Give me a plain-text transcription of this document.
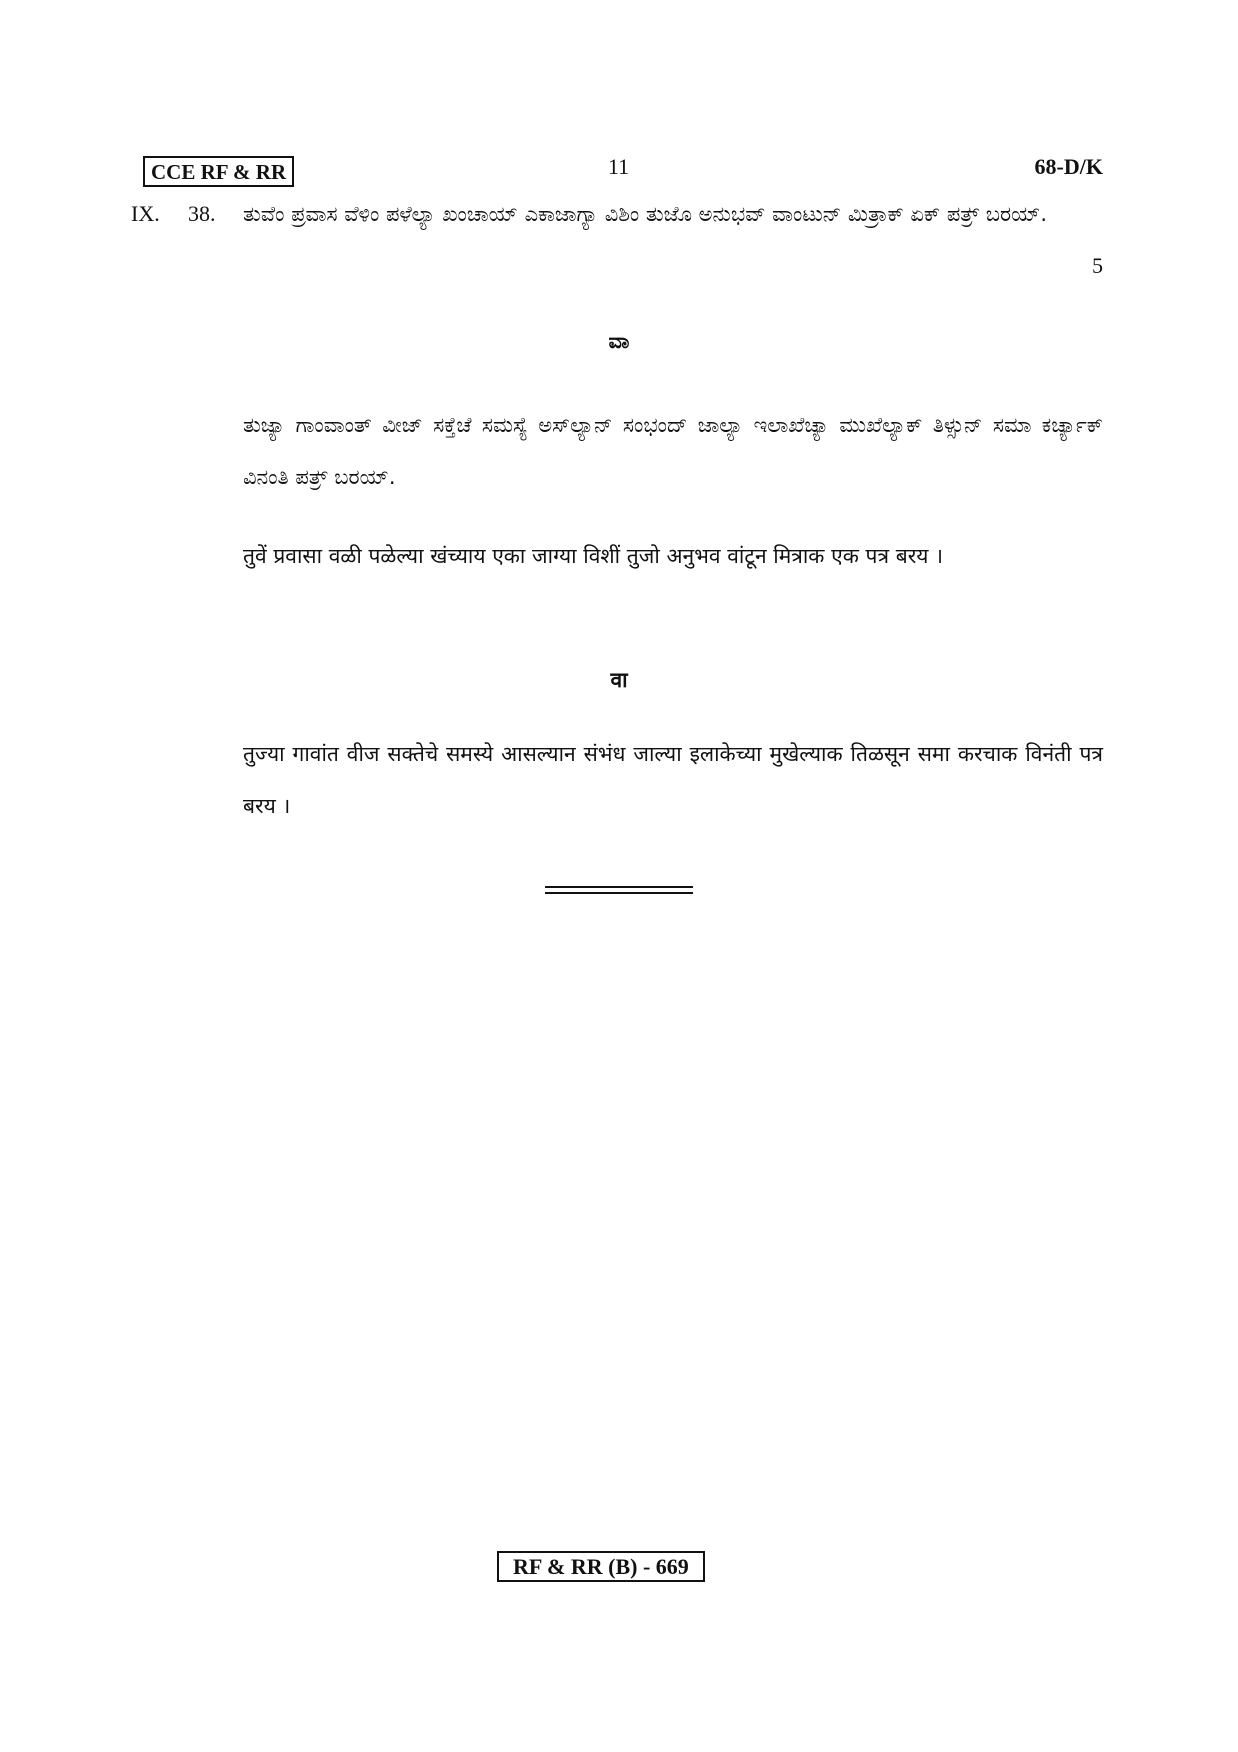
CCE RF & RR	11	68-D/K
IX. 38. ತುವೆಂ ಪ್ರವಾಸ ವೆಳಿಂ ಪಳೆಲ್ಯಾ ಖಂಚಾಯ್ ಎಕಾಜಾಗ್ಯಾ ವಿಶಿಂ ತುಜೊ ಅನುಭವ್ ವಾಂಟುನ್ ಮಿತ್ರಾಕ್ ಏಕ್ ಪತ್ರ್ ಬರಯ್.
5
ವಾ
ತುಜ್ಯಾ ಗಾಂವಾಂತ್ ವೀಜ್ ಸಕ್ತೆಚೆ ಸಮಸ್ಯೆ ಅಸ್‌ಲ್ಯಾನ್ ಸಂಭಂದ್ ಜಾಲ್ಯಾ ಇಲಾಖೆಚ್ಯಾ ಮುಖೆಲ್ಯಾಕ್ ತಿಳ್ಸುನ್ ಸಮಾ ಕರ್ಚ್ಯಾಕ್ ವಿನಂತಿ ಪತ್ರ್ ಬರಯ್.
तुवें प्रवासा वळी पळेल्या खंच्याय एका जाग्या विशीं तुजो अनुभव वांटून मित्राक एक पत्र बरय ।
वा
तुज्या गावांत वीज सक्तेचे समस्ये आसल्यान संभंध जाल्या इलाकेच्या मुखेल्याक तिळसून समा करचाक विनंती पत्र बरय ।
RF & RR (B) - 669
